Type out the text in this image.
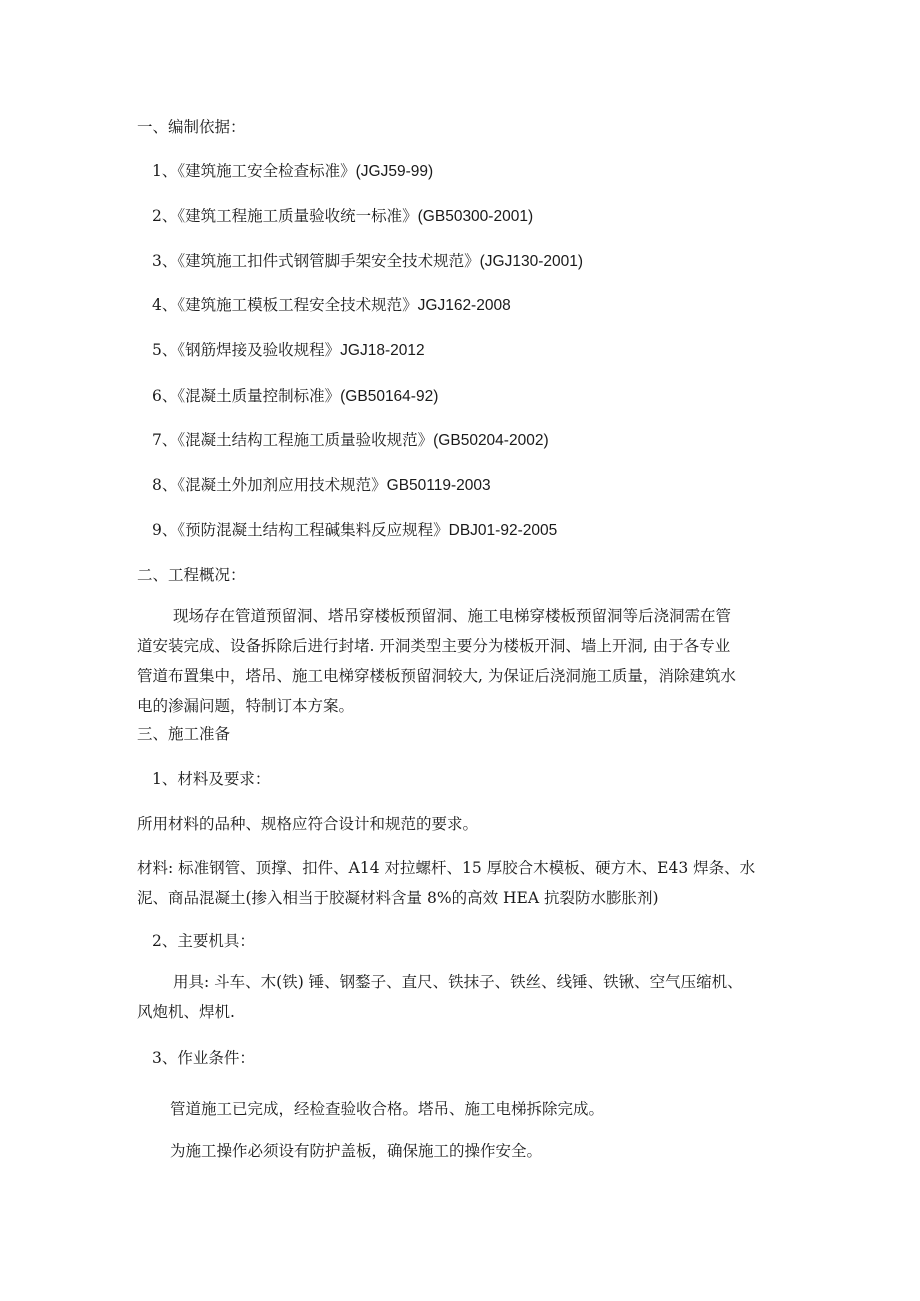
一、编制依据：
1、《建筑施工安全检查标准》(JGJ59-99)
2、《建筑工程施工质量验收统一标准》(GB50300-2001)
3、《建筑施工扣件式钢管脚手架安全技术规范》(JGJ130-2001)
4、《建筑施工模板工程安全技术规范》JGJ162-2008
5、《钢筋焊接及验收规程》JGJ18-2012
6、《混凝土质量控制标准》(GB50164-92)
7、《混凝土结构工程施工质量验收规范》(GB50204-2002)
8、《混凝土外加剂应用技术规范》GB50119-2003
9、《预防混凝土结构工程碱集料反应规程》DBJ01-92-2005
二、工程概况：
现场存在管道预留洞、塔吊穿楼板预留洞、施工电梯穿楼板预留洞等后浇洞需在管
道安装完成、设备拆除后进行封堵. 开洞类型主要分为楼板开洞、墙上开洞, 由于各专业
管道布置集中，塔吊、施工电梯穿楼板预留洞较大, 为保证后浇洞施工质量，消除建筑水
电的渗漏问题，特制订本方案。
三、施工准备
1、材料及要求：
所用材料的品种、规格应符合设计和规范的要求。
材料: 标准钢管、顶撑、扣件、A14 对拉螺杆、15 厚胶合木模板、硬方木、E43 焊条、水
泥、商品混凝土(掺入相当于胶凝材料含量 8%的高效 HEA 抗裂防水膨胀剂)
2、主要机具：
用具: 斗车、木(铁) 锤、钢鍪子、直尺、铁抹子、铁丝、线锤、铁锹、空气压缩机、
风炮机、焊机.
3、作业条件：
管道施工已完成，经检查验收合格。塔吊、施工电梯拆除完成。
为施工操作必须设有防护盖板，确保施工的操作安全。
